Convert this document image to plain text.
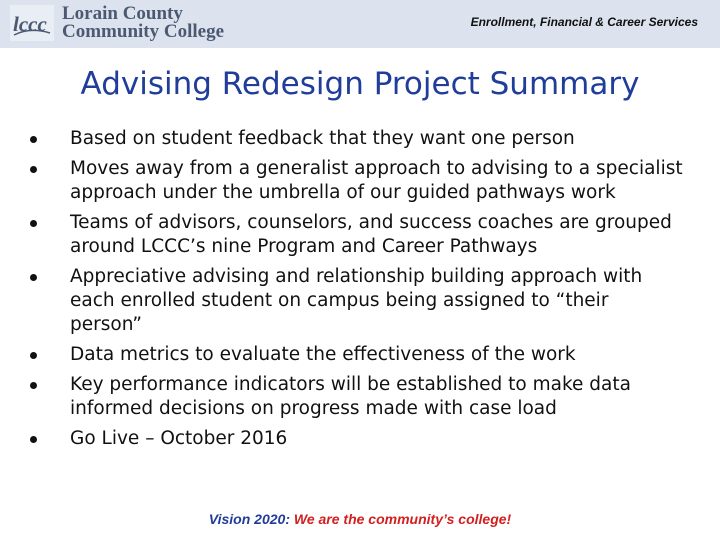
lccc Lorain County
Community College	Enrollment, Financial & Career Services
Advising Redesign Project Summary
Based on student feedback that they want one person
Moves away from a generalist approach to advising to a specialist approach under the umbrella of our guided pathways work
Teams of advisors, counselors, and success coaches are grouped around LCCC’s nine Program and Career Pathways
Appreciative advising and relationship building approach with each enrolled student on campus being assigned to “their person”
Data metrics to evaluate the effectiveness of the work
Key performance indicators will be established to make data informed decisions on progress made with case load
Go Live – October 2016
Vision 2020: We are the community’s college!
